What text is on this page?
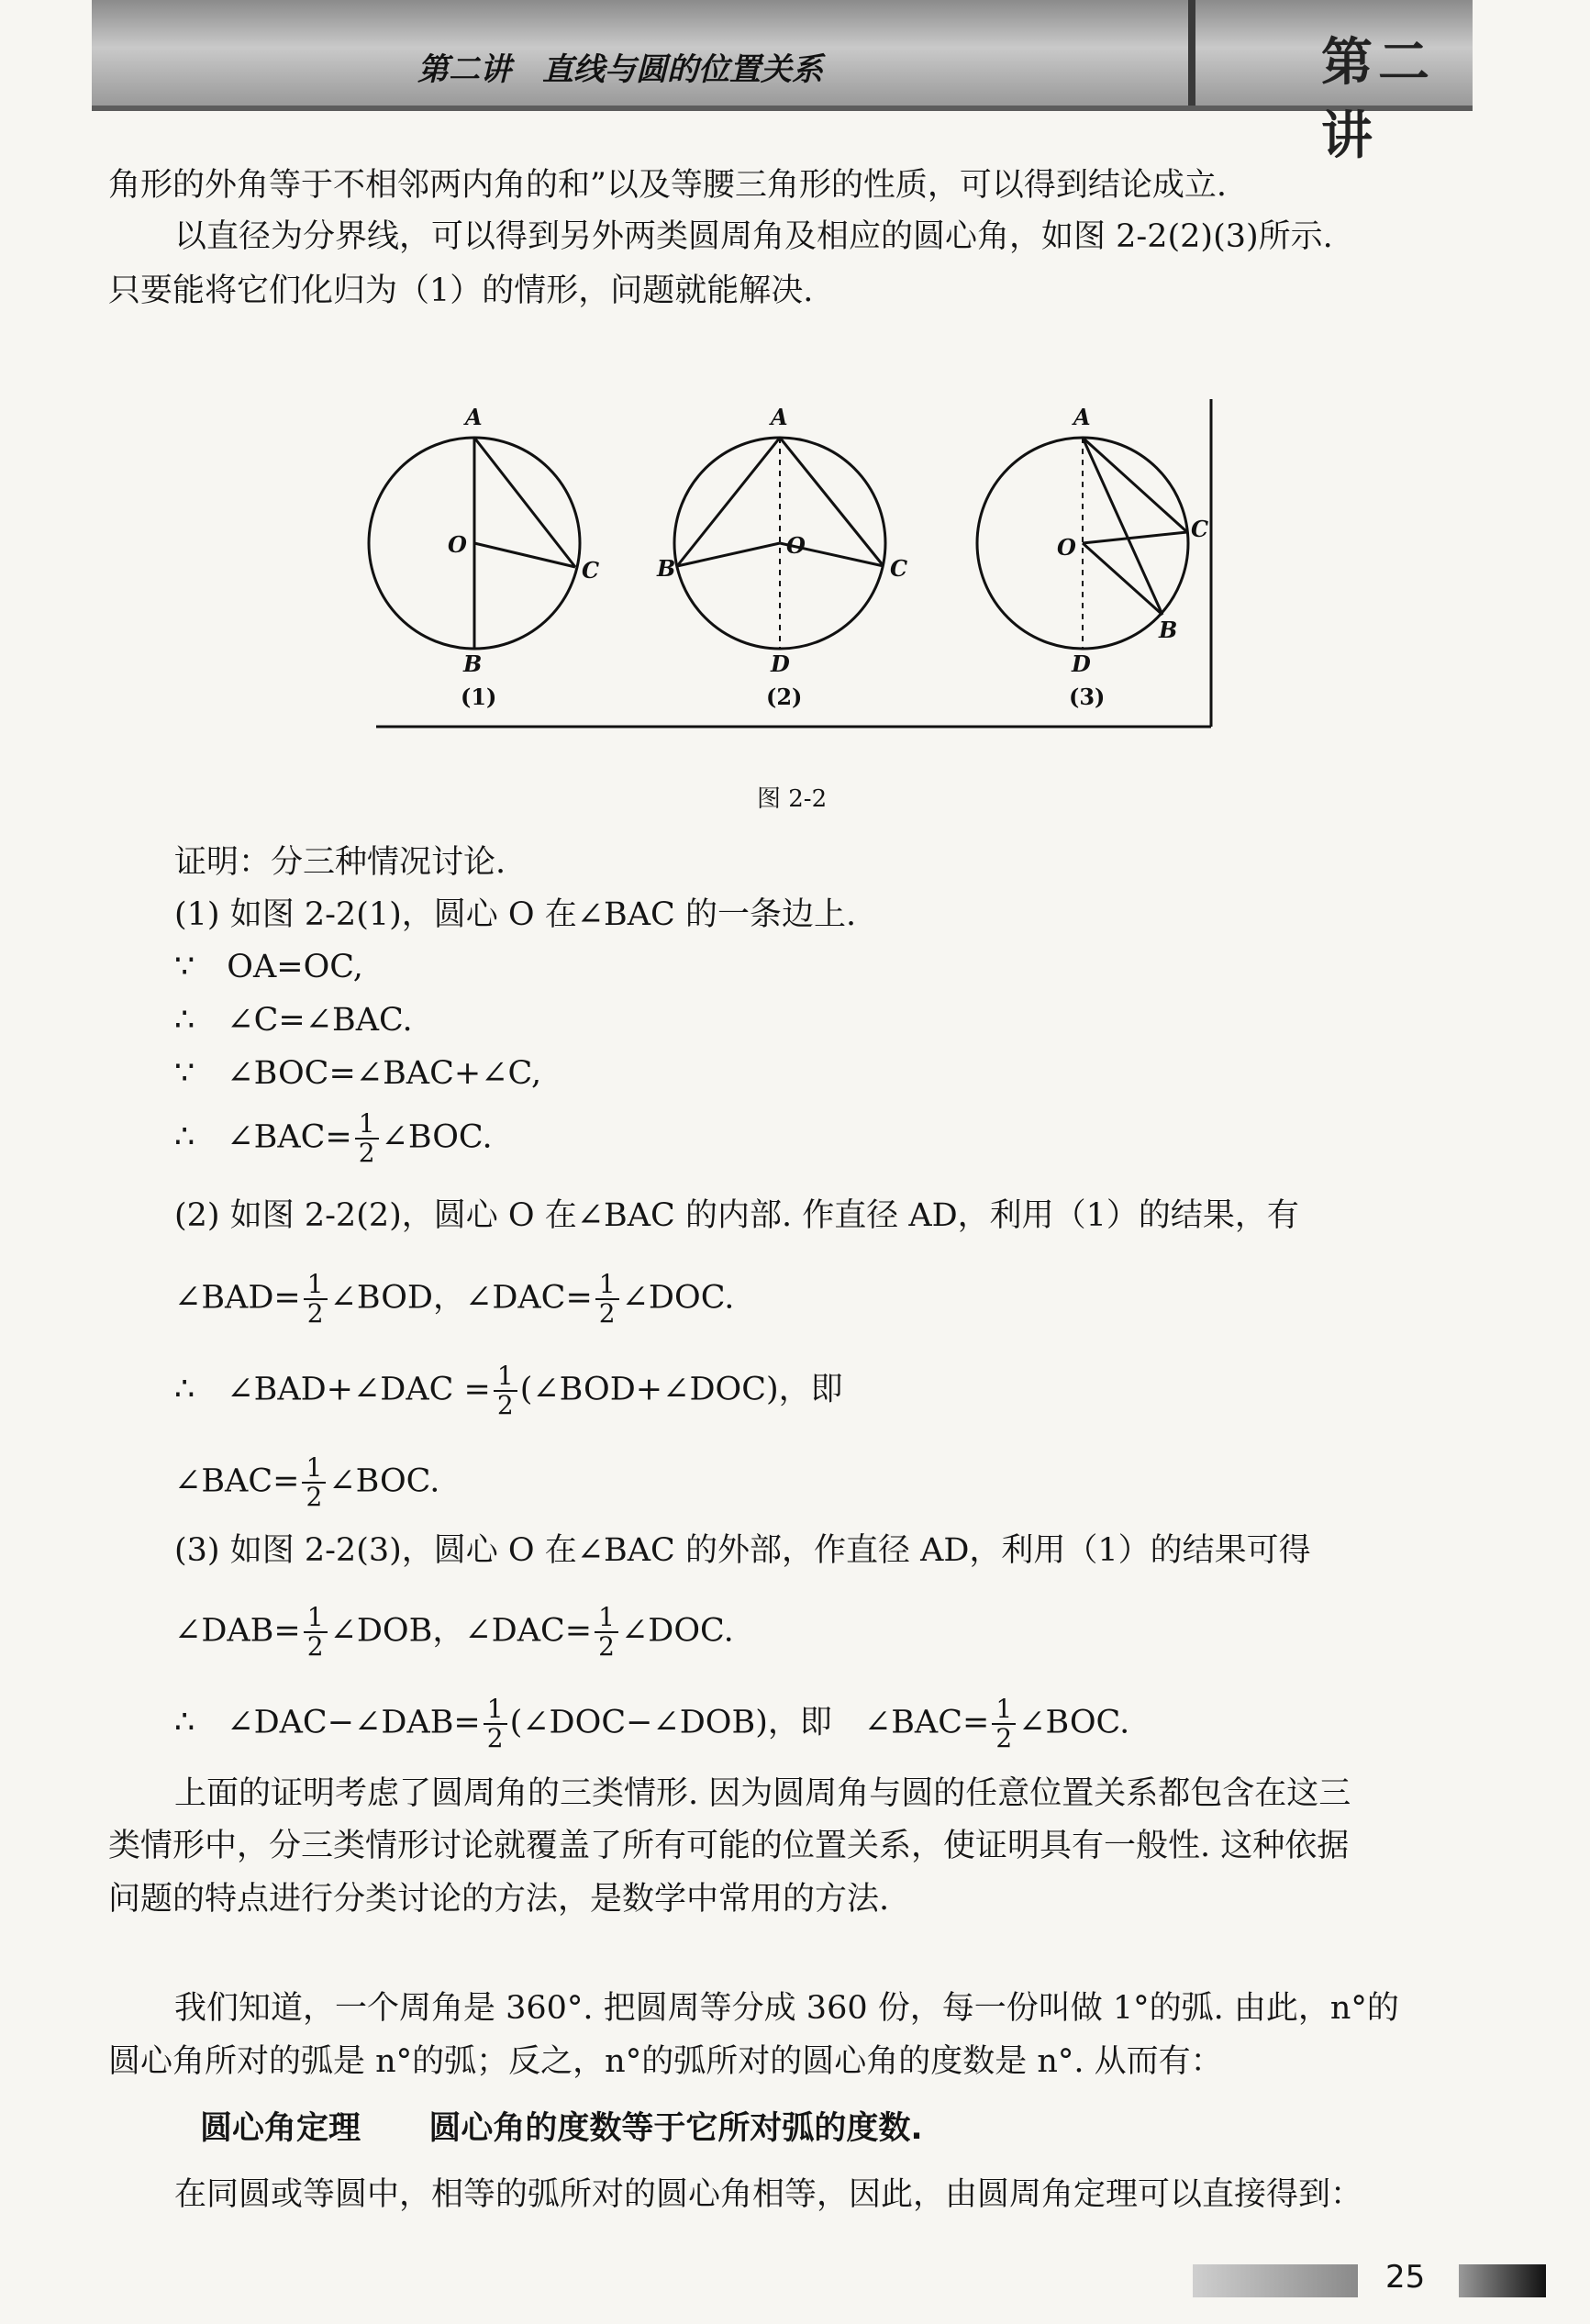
第二讲　直线与圆的位置关系	第二讲
角形的外角等于不相邻两内角的和”以及等腰三角形的性质，可以得到结论成立.
以直径为分界线，可以得到另外两类圆周角及相应的圆心角，如图 2-2(2)(3)所示.
只要能将它们化归为（1）的情形，问题就能解决.
A
O
C
B
(1)
A
O
B	C
D
(2)
A
O
C
B
D
(3)
图 2-2
证明：分三种情况讨论.
(1) 如图 2-2(1)，圆心 O 在∠BAC 的一条边上.
∵　OA=OC,
∴　∠C=∠BAC.
∵　∠BOC=∠BAC+∠C,
∴　∠BAC= $\frac{1}{2}$ ∠BOC.
(2) 如图 2-2(2)，圆心 O 在∠BAC 的内部. 作直径 AD，利用（1）的结果，有
∠BAD= $\frac{1}{2}$ ∠BOD，∠DAC= $\frac{1}{2}$ ∠DOC.
∴　∠BAD+∠DAC = $\frac{1}{2}$ (∠BOD+∠DOC)，即
∠BAC= $\frac{1}{2}$ ∠BOC.
(3) 如图 2-2(3)，圆心 O 在∠BAC 的外部，作直径 AD，利用（1）的结果可得
∠DAB= $\frac{1}{2}$ ∠DOB，∠DAC= $\frac{1}{2}$ ∠DOC.
∴　∠DAC−∠DAB= $\frac{1}{2}$ (∠DOC−∠DOB)，即　∠BAC= $\frac{1}{2}$ ∠BOC.
上面的证明考虑了圆周角的三类情形. 因为圆周角与圆的任意位置关系都包含在这三
类情形中，分三类情形讨论就覆盖了所有可能的位置关系，使证明具有一般性. 这种依据
问题的特点进行分类讨论的方法，是数学中常用的方法.
我们知道，一个周角是 360°. 把圆周等分成 360 份，每一份叫做 1°的弧. 由此，n°的
圆心角所对的弧是 n°的弧；反之，n°的弧所对的圆心角的度数是 n°. 从而有：
圆心角定理 圆心角的度数等于它所对弧的度数.
在同圆或等圆中，相等的弧所对的圆心角相等，因此，由圆周角定理可以直接得到：
25
